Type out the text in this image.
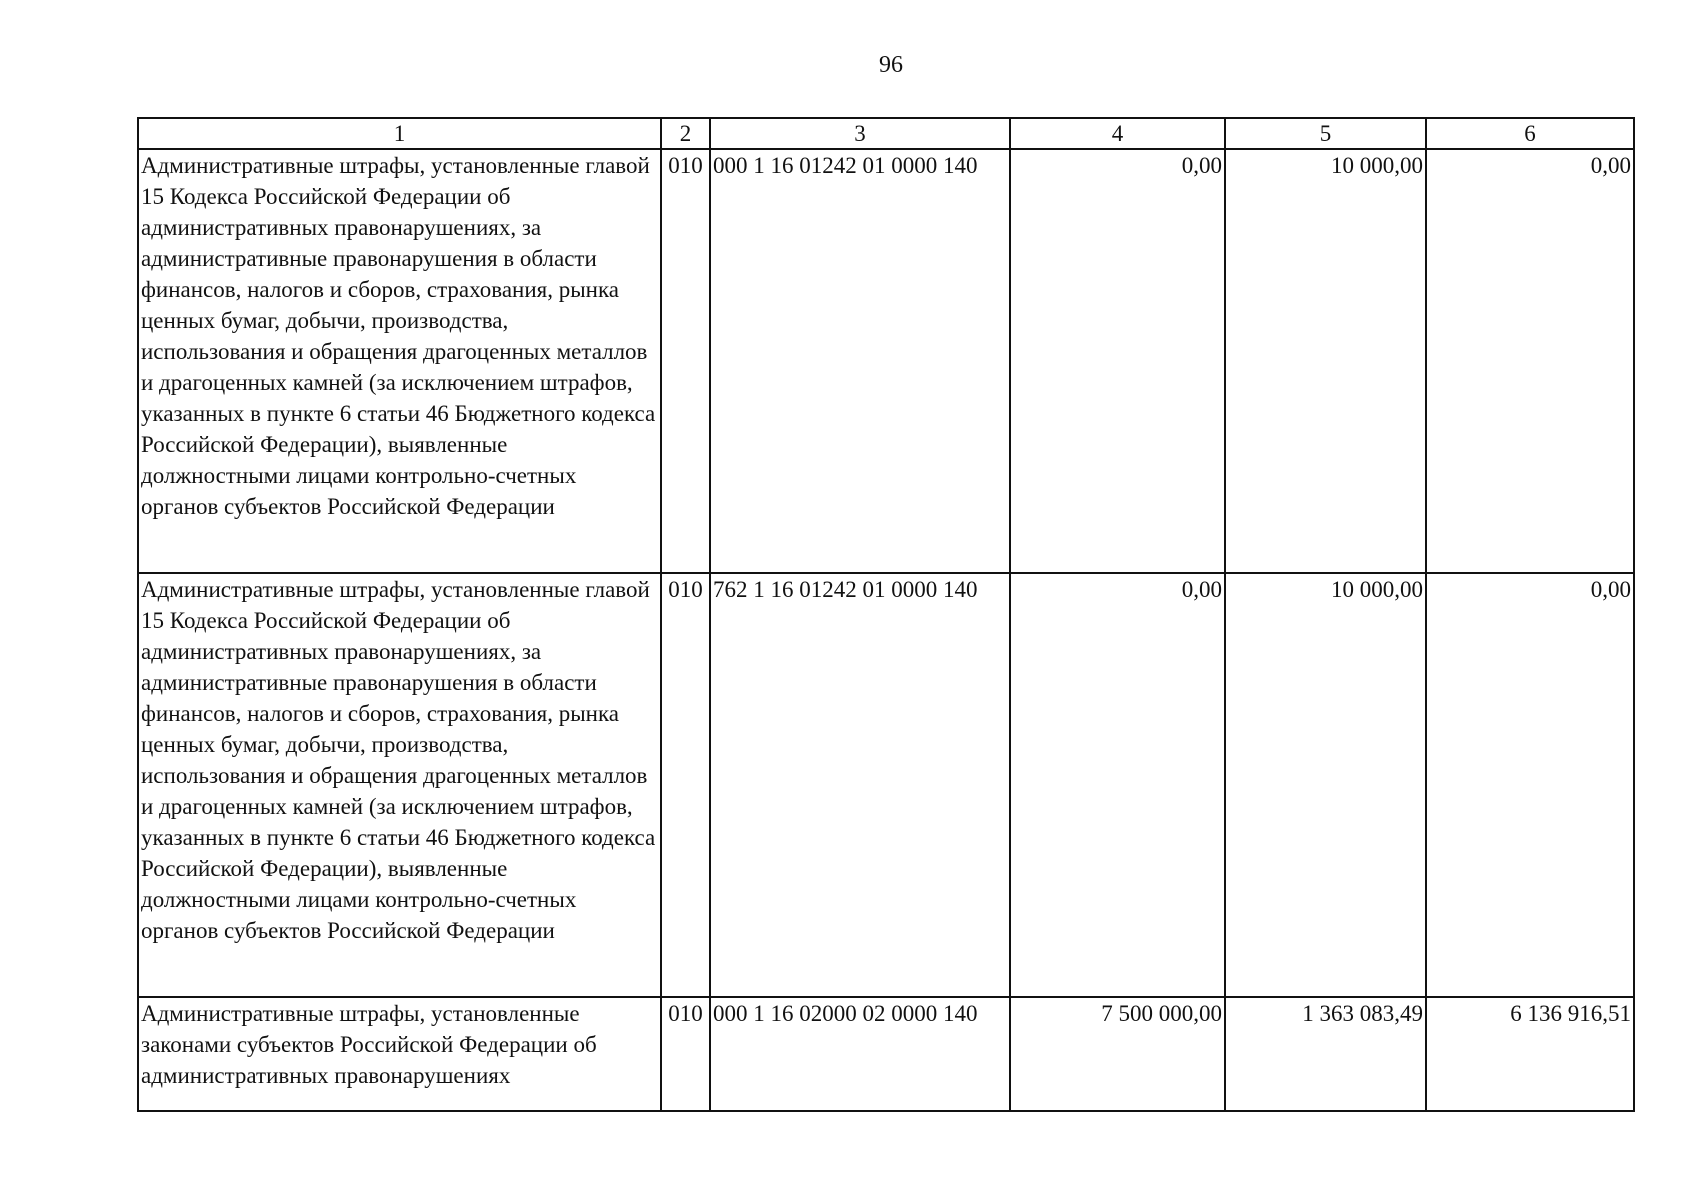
96
1	2	3	4	5	6
Административные штрафы, установленные главой 15 Кодекса Российской Федерации об административных правонарушениях, за административные правонарушения в области финансов, налогов и сборов, страхования, рынка ценных бумаг, добычи, производства, использования и обращения драгоценных металлов и драгоценных камней (за исключением штрафов, указанных в пункте 6 статьи 46 Бюджетного кодекса Российской Федерации), выявленные должностными лицами контрольно-счетных органов субъектов Российской Федерации	010	000 1 16 01242 01 0000 140	0,00	10 000,00	0,00
Административные штрафы, установленные главой 15 Кодекса Российской Федерации об административных правонарушениях, за административные правонарушения в области финансов, налогов и сборов, страхования, рынка ценных бумаг, добычи, производства, использования и обращения драгоценных металлов и драгоценных камней (за исключением штрафов, указанных в пункте 6 статьи 46 Бюджетного кодекса Российской Федерации), выявленные должностными лицами контрольно-счетных органов субъектов Российской Федерации	010	762 1 16 01242 01 0000 140	0,00	10 000,00	0,00
Административные штрафы, установленные законами субъектов Российской Федерации об административных правонарушениях	010	000 1 16 02000 02 0000 140	7 500 000,00	1 363 083,49	6 136 916,51
